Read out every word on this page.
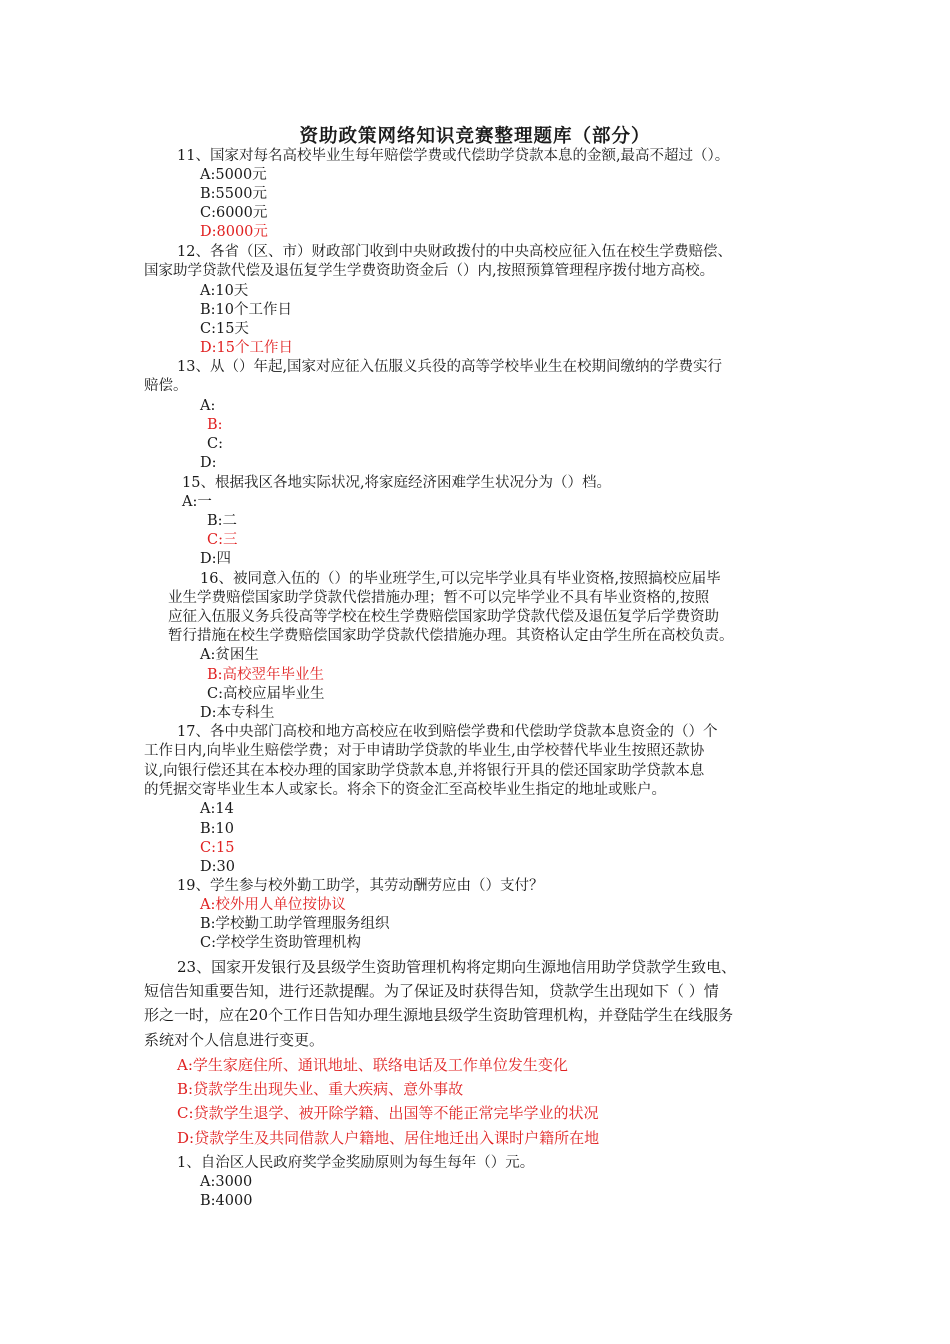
资助政策网络知识竞赛整理题库（部分）
11、国家对每名高校毕业生每年赔偿学费或代偿助学贷款本息的金额,最高不超过（）。
A:5000元
B:5500元
C:6000元
D:8000元
12、各省（区、市）财政部门收到中央财政拨付的中央高校应征入伍在校生学费赔偿、
国家助学贷款代偿及退伍复学生学费资助资金后（）内,按照预算管理程序拨付地方高校。
A:10天
B:10个工作日
C:15天
D:15个工作日
13、从（）年起,国家对应征入伍服义兵役的高等学校毕业生在校期间缴纳的学费实行
赔偿。
A:
B:
C:
D:
15、根据我区各地实际状况,将家庭经济困难学生状况分为（）档。
A:一
B:二
C:三
D:四
16、被同意入伍的（）的毕业班学生,可以完毕学业具有毕业资格,按照搞校应届毕
业生学费赔偿国家助学贷款代偿措施办理；暂不可以完毕学业不具有毕业资格的,按照
应征入伍服义务兵役高等学校在校生学费赔偿国家助学贷款代偿及退伍复学后学费资助
暂行措施在校生学费赔偿国家助学贷款代偿措施办理。其资格认定由学生所在高校负责。
A:贫困生
B:高校翌年毕业生
C:高校应届毕业生
D:本专科生
17、各中央部门高校和地方高校应在收到赔偿学费和代偿助学贷款本息资金的（）个
工作日内,向毕业生赔偿学费；对于申请助学贷款的毕业生,由学校替代毕业生按照还款协
议,向银行偿还其在本校办理的国家助学贷款本息,并将银行开具的偿还国家助学贷款本息
的凭据交寄毕业生本人或家长。将余下的资金汇至高校毕业生指定的地址或账户。
A:14
B:10
C:15
D:30
19、学生参与校外勤工助学，其劳动酬劳应由（）支付？
A:校外用人单位按协议
B:学校勤工助学管理服务组织
C:学校学生资助管理机构
23、国家开发银行及县级学生资助管理机构将定期向生源地信用助学贷款学生致电、
短信告知重要告知，进行还款提醒。为了保证及时获得告知，贷款学生出现如下（ ）情
形之一时，应在20个工作日告知办理生源地县级学生资助管理机构，并登陆学生在线服务
系统对个人信息进行变更。
A:学生家庭住所、通讯地址、联络电话及工作单位发生变化
B:贷款学生出现失业、重大疾病、意外事故
C:贷款学生退学、被开除学籍、出国等不能正常完毕学业的状况
D:贷款学生及共同借款人户籍地、居住地迁出入课时户籍所在地
1、自治区人民政府奖学金奖励原则为每生每年（）元。
A:3000
B:4000
